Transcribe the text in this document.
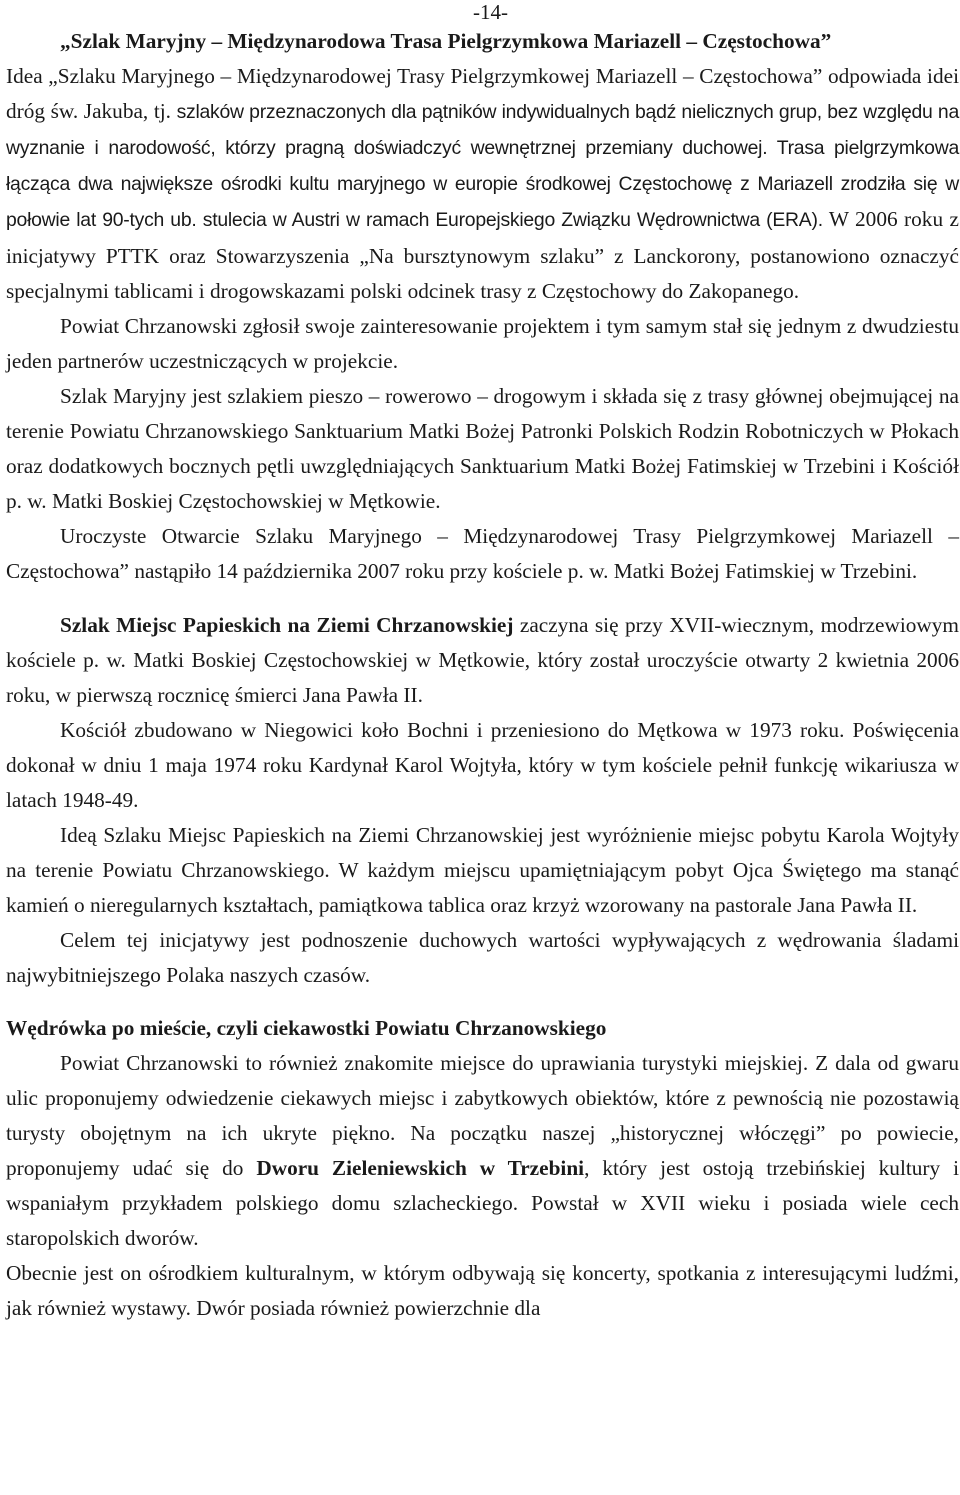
-14-

„Szlak Maryjny – Międzynarodowa Trasa Pielgrzymkowa Mariazell – Częstochowa”

Idea „Szlaku Maryjnego – Międzynarodowej Trasy Pielgrzymkowej Mariazell – Częstochowa” odpowiada idei dróg św. Jakuba, tj. szlaków przeznaczonych dla pątników indywidualnych bądź nielicznych grup, bez względu na wyznanie i narodowość, którzy pragną doświadczyć wewnętrznej przemiany duchowej. Trasa pielgrzymkowa łącząca dwa największe ośrodki kultu maryjnego w europie środkowej Częstochowę z Mariazell zrodziła się w połowie lat 90-tych ub. stulecia w Austri w ramach Europejskiego Związku Wędrownictwa (ERA). W 2006 roku z inicjatywy PTTK oraz Stowarzyszenia „Na bursztynowym szlaku” z Lanckorony, postanowiono oznaczyć specjalnymi tablicami i drogowskazami polski odcinek trasy z Częstochowy do Zakopanego.

Powiat Chrzanowski zgłosił swoje zainteresowanie projektem i tym samym stał się jednym z dwudziestu jeden partnerów uczestniczących w projekcie.

Szlak Maryjny jest szlakiem pieszo – rowerowo – drogowym i składa się z trasy głównej obejmującej na terenie Powiatu Chrzanowskiego Sanktuarium Matki Bożej Patronki Polskich Rodzin Robotniczych w Płokach oraz dodatkowych bocznych pętli uwzględniających Sanktuarium Matki Bożej Fatimskiej w Trzebini i Kościół p. w. Matki Boskiej Częstochowskiej w Mętkowie.

Uroczyste Otwarcie Szlaku Maryjnego – Międzynarodowej Trasy Pielgrzymkowej Mariazell – Częstochowa” nastąpiło 14 października 2007 roku przy kościele p. w. Matki Bożej Fatimskiej w Trzebini.

Szlak Miejsc Papieskich na Ziemi Chrzanowskiej zaczyna się przy XVII-wiecznym, modrzewiowym kościele p. w. Matki Boskiej Częstochowskiej w Mętkowie, który został uroczyście otwarty 2 kwietnia 2006 roku, w pierwszą rocznicę śmierci Jana Pawła II.

Kościół zbudowano w Niegowici koło Bochni i przeniesiono do Mętkowa w 1973 roku. Poświęcenia dokonał w dniu 1 maja 1974 roku Kardynał Karol Wojtyła, który w tym kościele pełnił funkcję wikariusza w latach 1948-49.

Ideą Szlaku Miejsc Papieskich na Ziemi Chrzanowskiej jest wyróżnienie miejsc pobytu Karola Wojtyły na terenie Powiatu Chrzanowskiego. W każdym miejscu upamiętniającym pobyt Ojca Świętego ma stanąć kamień o nieregularnych kształtach, pamiątkowa tablica oraz krzyż wzorowany na pastorale Jana Pawła II.

Celem tej inicjatywy jest podnoszenie duchowych wartości wypływających z wędrowania śladami najwybitniejszego Polaka naszych czasów.

Wędrówka po mieście, czyli ciekawostki Powiatu Chrzanowskiego

Powiat Chrzanowski to również znakomite miejsce do uprawiania turystyki miejskiej. Z dala od gwaru ulic proponujemy odwiedzenie ciekawych miejsc i zabytkowych obiektów, które z pewnością nie pozostawią turysty obojętnym na ich ukryte piękno. Na początku naszej „historycznej włóczęgi” po powiecie, proponujemy udać się do Dworu Zieleniewskich w Trzebini, który jest ostoją trzebińskiej kultury i wspaniałym przykładem polskiego domu szlacheckiego. Powstał w XVII wieku i posiada wiele cech staropolskich dworów.

Obecnie jest on ośrodkiem kulturalnym, w którym odbywają się koncerty, spotkania z interesującymi ludźmi, jak również wystawy. Dwór posiada również powierzchnie dla
